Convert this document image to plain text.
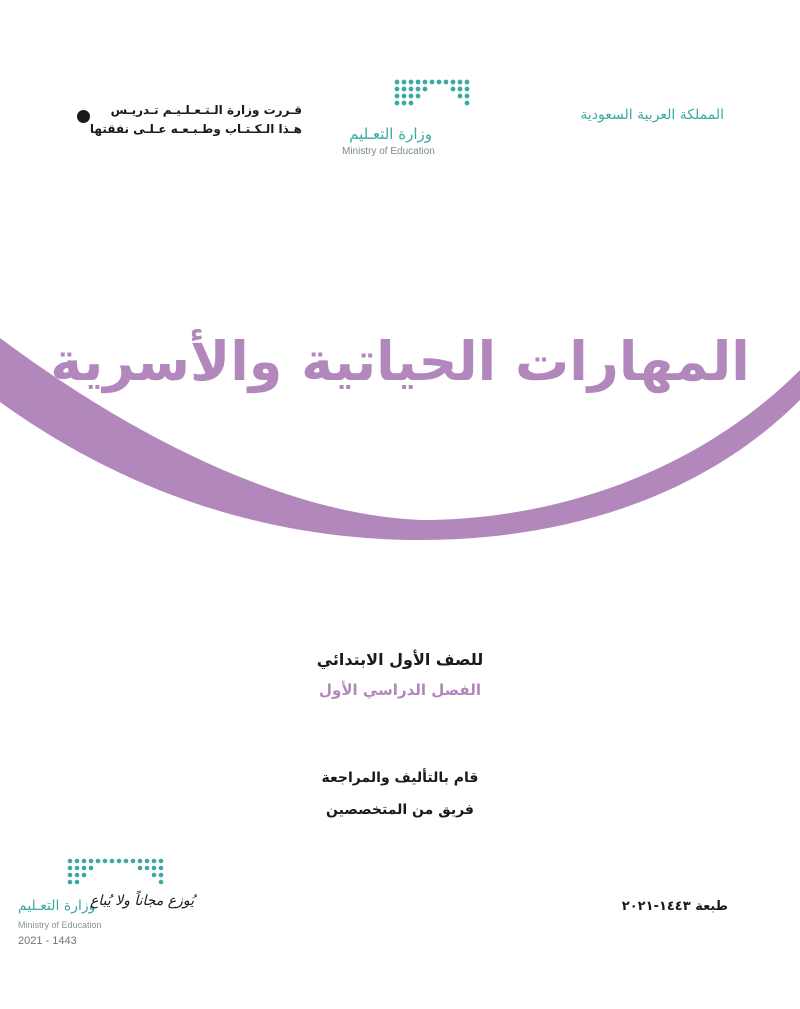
المملكة العربية السعودية
وزارة التعـليم
Ministry of Education
قـررت وزارة الـتـعـلـيـم تـدريـس
هـذا الـكـتـاب وطـبـعـه عـلـى نفقتها
المهارات الحياتية والأسرية
للصف الأول الابتدائي
الفصل الدراسي الأول
قام بالتأليف والمراجعة
فريق من المتخصصين
طبعة ١٤٤٣-٢٠٢١
وزارة التعـليم
يُوزع مجاناً ولا يُباع
Ministry of Education
2021 - 1443
